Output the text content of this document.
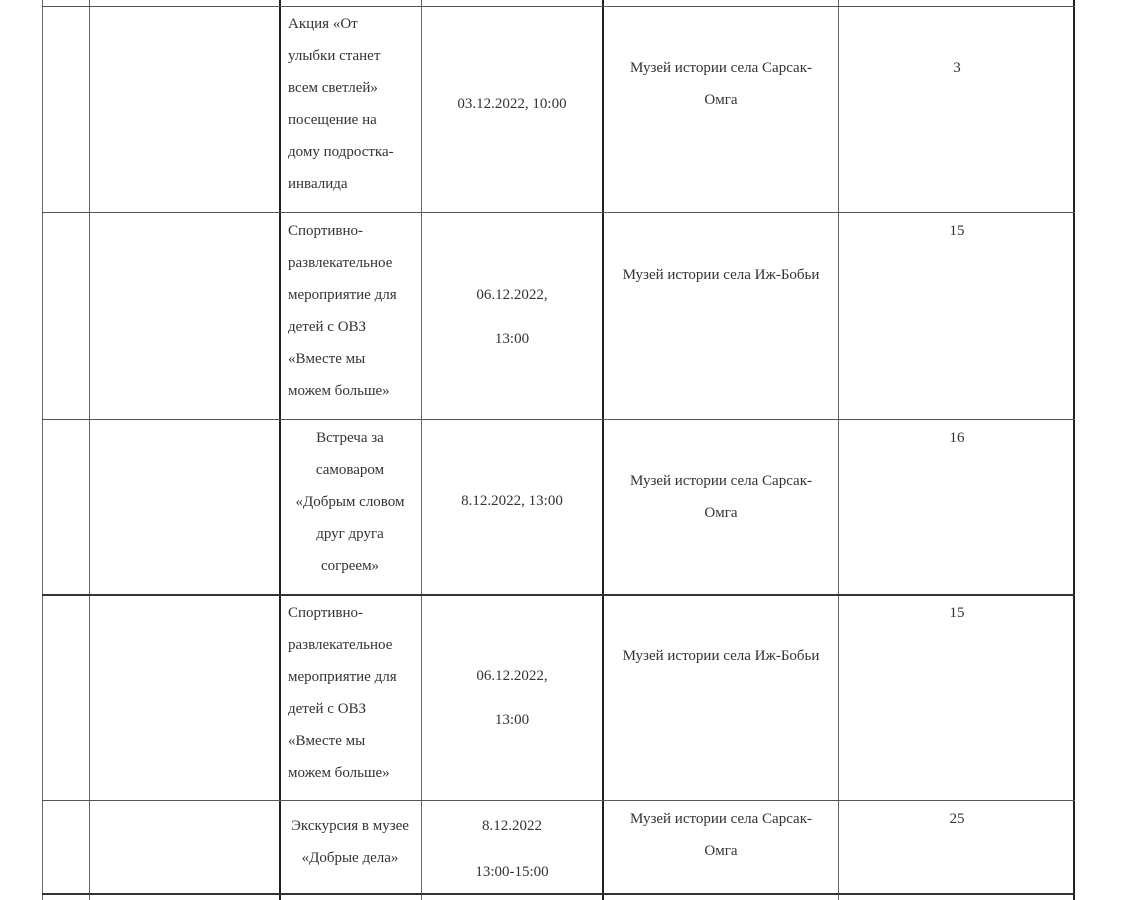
Акция «От
улыбки станет
всем светлей»
посещение на
дому подростка-
инвалида
03.12.2022, 10:00
Музей истории села Сарсак-
Омга
3
Спортивно-
развлекательное
мероприятие для
детей с ОВЗ
«Вместе мы
можем больше»
06.12.2022,
13:00
Музей истории села Иж-Бобьи
15
Встреча за
самоваром
«Добрым словом
друг друга
согреем»
8.12.2022, 13:00
Музей истории села Сарсак-
Омга
16
Спортивно-
развлекательное
мероприятие для
детей с ОВЗ
«Вместе мы
можем больше»
06.12.2022,
13:00
Музей истории села Иж-Бобьи
15
Экскурсия в музее
«Добрые дела»
8.12.2022
13:00-15:00
Музей истории села Сарсак-
Омга
25
